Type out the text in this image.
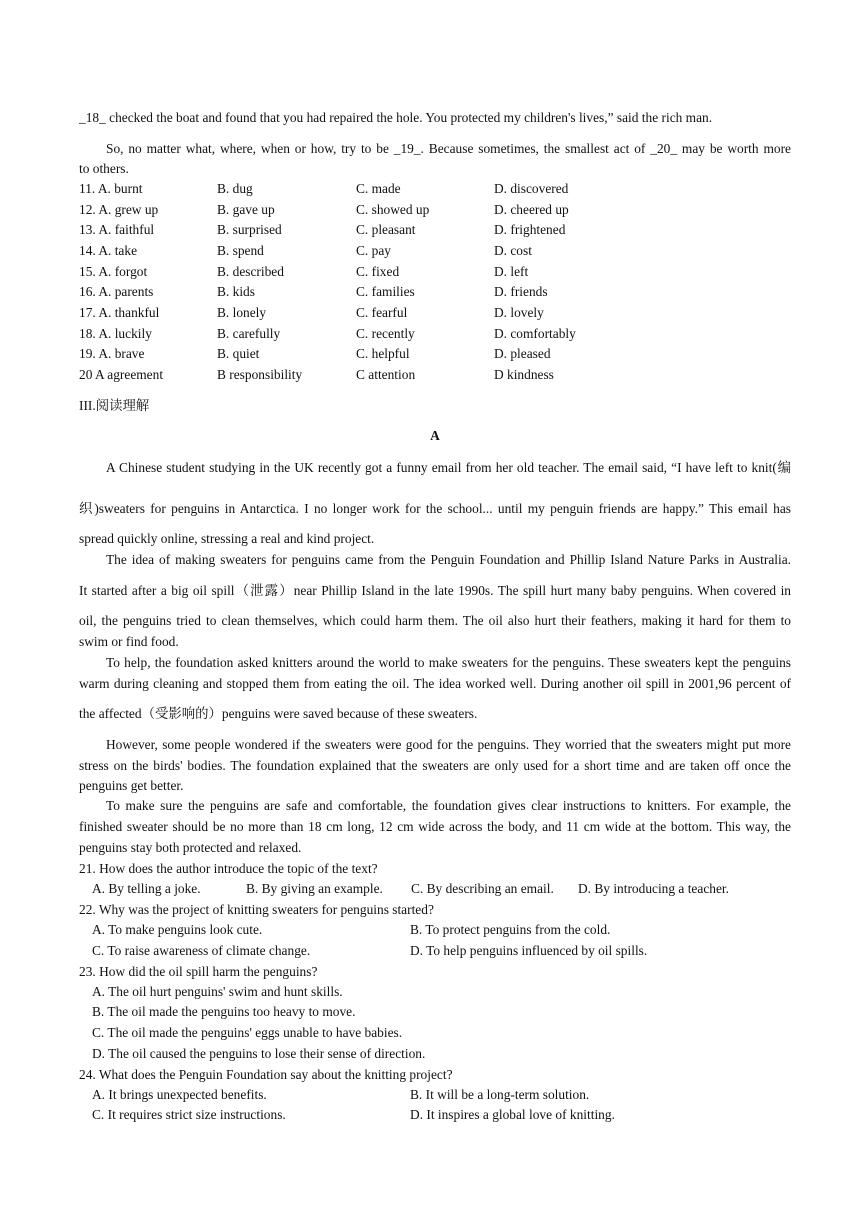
_18_ checked the boat and found that you had repaired the hole. You protected my children's lives,” said the rich man.
So, no matter what, where, when or how, try to be _19_. Because sometimes, the smallest act of _20_ may be worth more
to others.
11. A. burnt	B. dug	C. made	D. discovered
12. A. grew up	B. gave up	C. showed up	D. cheered up
13. A. faithful	B. surprised	C. pleasant	D. frightened
14. A. take	B. spend	C. pay	D. cost
15. A. forgot	B. described	C. fixed	D. left
16. A. parents	B. kids	C. families	D. friends
17. A. thankful	B. lonely	C. fearful	D. lovely
18. A. luckily	B. carefully	C. recently	D. comfortably
19. A. brave	B. quiet	C. helpful	D. pleased
20 A agreement	B responsibility	C attention	D kindness
III.阅读理解
A
A Chinese student studying in the UK recently got a funny email from her old teacher. The email said, “I have left to knit(编
织)sweaters for penguins in Antarctica. I no longer work for the school... until my penguin friends are happy.” This email has
spread quickly online, stressing a real and kind project.
The idea of making sweaters for penguins came from the Penguin Foundation and Phillip Island Nature Parks in Australia.
It started after a big oil spill（泄露）near Phillip Island in the late 1990s. The spill hurt many baby penguins. When covered in
oil, the penguins tried to clean themselves, which could harm them. The oil also hurt their feathers, making it hard for them to
swim or find food.
To help, the foundation asked knitters around the world to make sweaters for the penguins. These sweaters kept the penguins
warm during cleaning and stopped them from eating the oil. The idea worked well. During another oil spill in 2001,96 percent of
the affected（受影响的）penguins were saved because of these sweaters.
However, some people wondered if the sweaters were good for the penguins. They worried that the sweaters might put more
stress on the birds' bodies. The foundation explained that the sweaters are only used for a short time and are taken off once the
penguins get better.
To make sure the penguins are safe and comfortable, the foundation gives clear instructions to knitters. For example, the
finished sweater should be no more than 18 cm long, 12 cm wide across the body, and 11 cm wide at the bottom. This way, the
penguins stay both protected and relaxed.
21. How does the author introduce the topic of the text?
A. By telling a joke.	B. By giving an example. C. By describing an email. D. By introducing a teacher.
22. Why was the project of knitting sweaters for penguins started?
A. To make penguins look cute.	B. To protect penguins from the cold.
C. To raise awareness of climate change.	D. To help penguins influenced by oil spills.
23. How did the oil spill harm the penguins?
A. The oil hurt penguins' swim and hunt skills.
B. The oil made the penguins too heavy to move.
C. The oil made the penguins' eggs unable to have babies.
D. The oil caused the penguins to lose their sense of direction.
24. What does the Penguin Foundation say about the knitting project?
A. It brings unexpected benefits.	B. It will be a long-term solution.
C. It requires strict size instructions.	D. It inspires a global love of knitting.
